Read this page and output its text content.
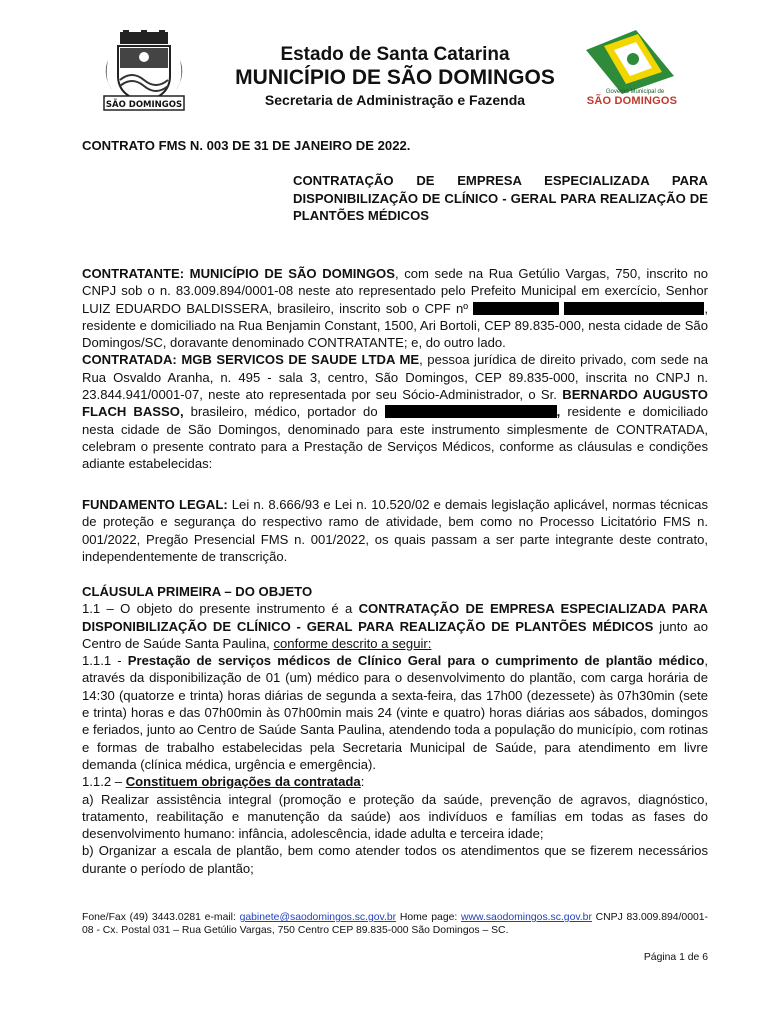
SÃO DOMINGOS
Estado de Santa Catarina
MUNICÍPIO DE SÃO DOMINGOS
Secretaria de Administração e Fazenda	Governo Municipal de
SÃO DOMINGOS
CONTRATO FMS N. 003 DE 31 DE JANEIRO DE 2022.
CONTRATAÇÃO DE EMPRESA ESPECIALIZADA PARA DISPONIBILIZAÇÃO DE CLÍNICO - GERAL PARA REALIZAÇÃO DE PLANTÕES MÉDICOS
CONTRATANTE: MUNICÍPIO DE SÃO DOMINGOS, com sede na Rua Getúlio Vargas, 750, inscrito no CNPJ sob o n. 83.009.894/0001-08 neste ato representado pelo Prefeito Municipal em exercício, Senhor LUIZ EDUARDO BALDISSERA, brasileiro, inscrito sob o CPF nº	, residente e domiciliado na Rua Benjamin Constant, 1500, Ari Bortoli, CEP 89.835-000, nesta cidade de São Domingos/SC, doravante denominado CONTRATANTE; e, do outro lado.
CONTRATADA: MGB SERVICOS DE SAUDE LTDA ME, pessoa jurídica de direito privado, com sede na Rua Osvaldo Aranha, n. 495 - sala 3, centro, São Domingos, CEP 89.835-000, inscrita no CNPJ n. 23.844.941/0001-07, neste ato representada por seu Sócio-Administrador, o Sr. BERNARDO AUGUSTO FLACH BASSO, brasileiro, médico, portador do	, residente e domiciliado nesta cidade de São Domingos, denominado para este instrumento simplesmente de CONTRATADA, celebram o presente contrato para a Prestação de Serviços Médicos, conforme as cláusulas e condições adiante estabelecidas:
FUNDAMENTO LEGAL: Lei n. 8.666/93 e Lei n. 10.520/02 e demais legislação aplicável, normas técnicas de proteção e segurança do respectivo ramo de atividade, bem como no Processo Licitatório FMS n. 001/2022, Pregão Presencial FMS n. 001/2022, os quais passam a ser parte integrante deste contrato, independentemente de transcrição.
CLÁUSULA PRIMEIRA – DO OBJETO
1.1 – O objeto do presente instrumento é a CONTRATAÇÃO DE EMPRESA ESPECIALIZADA PARA DISPONIBILIZAÇÃO DE CLÍNICO - GERAL PARA REALIZAÇÃO DE PLANTÕES MÉDICOS junto ao Centro de Saúde Santa Paulina, conforme descrito a seguir:
1.1.1 - Prestação de serviços médicos de Clínico Geral para o cumprimento de plantão médico, através da disponibilização de 01 (um) médico para o desenvolvimento do plantão, com carga horária de 14:30 (quatorze e trinta) horas diárias de segunda a sexta-feira, das 17h00 (dezessete) às 07h30min (sete e trinta) horas e das 07h00min às 07h00min mais 24 (vinte e quatro) horas diárias aos sábados, domingos e feriados, junto ao Centro de Saúde Santa Paulina, atendendo toda a população do município, com rotinas e formas de trabalho estabelecidas pela Secretaria Municipal de Saúde, para atendimento em livre demanda (clínica médica, urgência e emergência).
1.1.2 – Constituem obrigações da contratada:
a) Realizar assistência integral (promoção e proteção da saúde, prevenção de agravos, diagnóstico, tratamento, reabilitação e manutenção da saúde) aos indivíduos e famílias em todas as fases do desenvolvimento humano: infância, adolescência, idade adulta e terceira idade;
b) Organizar a escala de plantão, bem como atender todos os atendimentos que se fizerem necessários durante o período de plantão;
Fone/Fax (49) 3443.0281 e-mail: gabinete@saodomingos.sc.gov.br Home page: www.saodomingos.sc.gov.br CNPJ 83.009.894/0001-08 - Cx. Postal 031 – Rua Getúlio Vargas, 750 Centro CEP 89.835-000 São Domingos – SC.
Página 1 de 6
